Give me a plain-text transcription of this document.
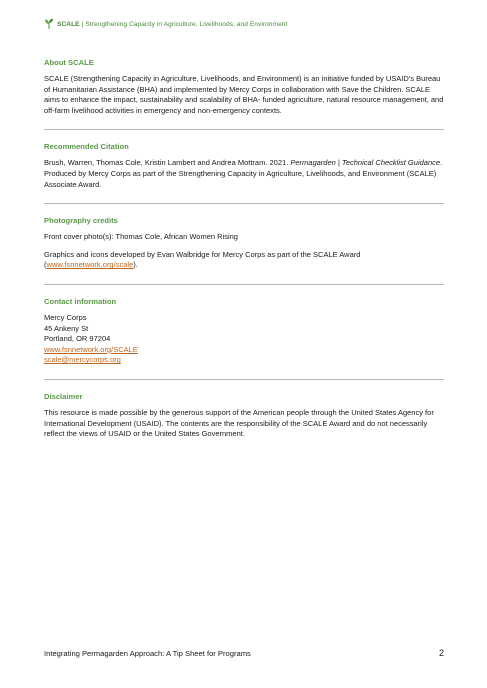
SCALE | Strengthening Capacity in Agriculture, Livelihoods, and Environment

About SCALE

SCALE (Strengthening Capacity in Agriculture, Livelihoods, and Environment) is an initiative funded by USAID’s Bureau of Humanitarian Assistance (BHA) and implemented by Mercy Corps in collaboration with Save the Children. SCALE aims to enhance the impact, sustainability and scalability of BHA- funded agriculture, natural resource management, and off-farm livelihood activities in emergency and non-emergency contexts.

Recommended Citation

Brush, Warren, Thomas Cole, Kristin Lambert and Andrea Mottram. 2021. Permagarden | Technical Checklist Guidance. Produced by Mercy Corps as part of the Strengthening Capacity in Agriculture, Livelihoods, and Environment (SCALE) Associate Award.

Photography credits

Front cover photo(s): Thomas Cole, African Women Rising

Graphics and icons developed by Evan Walbridge for Mercy Corps as part of the SCALE Award (www.fsnnetwork.org/scale).

Contact information

Mercy Corps
45 Ankeny St
Portland, OR 97204
www.fsnnetwork.org/SCALE
scale@mercycorps.org

Disclaimer

This resource is made possible by the generous support of the American people through the United States Agency for International Development (USAID). The contents are the responsibility of the SCALE Award and do not necessarily reflect the views of USAID or the United States Government.

Integrating Permagarden Approach: A Tip Sheet for Programs	2
